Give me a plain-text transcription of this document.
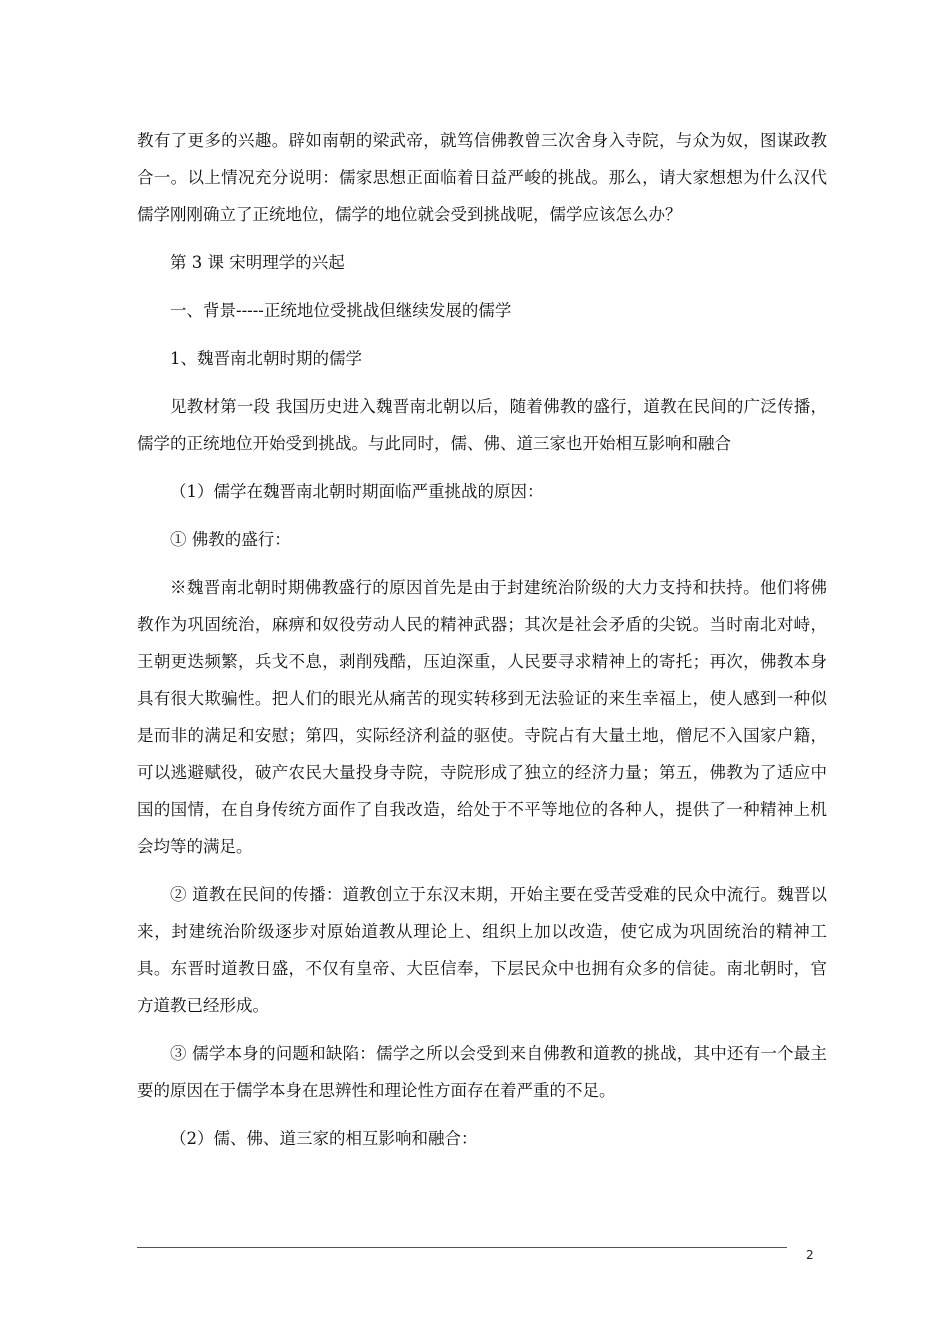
教有了更多的兴趣。辟如南朝的梁武帝，就笃信佛教曾三次舍身入寺院，与众为奴，图谋政教合一。以上情况充分说明：儒家思想正面临着日益严峻的挑战。那么，请大家想想为什么汉代儒学刚刚确立了正统地位，儒学的地位就会受到挑战呢，儒学应该怎么办？

第 3 课 宋明理学的兴起

一、背景-----正统地位受挑战但继续发展的儒学

1、魏晋南北朝时期的儒学

见教材第一段 我国历史进入魏晋南北朝以后，随着佛教的盛行，道教在民间的广泛传播，儒学的正统地位开始受到挑战。与此同时，儒、佛、道三家也开始相互影响和融合

（1）儒学在魏晋南北朝时期面临严重挑战的原因：

① 佛教的盛行：

※魏晋南北朝时期佛教盛行的原因首先是由于封建统治阶级的大力支持和扶持。他们将佛教作为巩固统治，麻痹和奴役劳动人民的精神武器；其次是社会矛盾的尖锐。当时南北对峙，王朝更迭频繁，兵戈不息，剥削残酷，压迫深重，人民要寻求精神上的寄托；再次，佛教本身具有很大欺骗性。把人们的眼光从痛苦的现实转移到无法验证的来生幸福上，使人感到一种似是而非的满足和安慰；第四，实际经济利益的驱使。寺院占有大量土地，僧尼不入国家户籍，可以逃避赋役，破产农民大量投身寺院，寺院形成了独立的经济力量；第五，佛教为了适应中国的国情，在自身传统方面作了自我改造，给处于不平等地位的各种人，提供了一种精神上机会均等的满足。

② 道教在民间的传播：道教创立于东汉末期，开始主要在受苦受难的民众中流行。魏晋以来，封建统治阶级逐步对原始道教从理论上、组织上加以改造，使它成为巩固统治的精神工具。东晋时道教日盛，不仅有皇帝、大臣信奉，下层民众中也拥有众多的信徒。南北朝时，官方道教已经形成。

③ 儒学本身的问题和缺陷：儒学之所以会受到来自佛教和道教的挑战，其中还有一个最主要的原因在于儒学本身在思辨性和理论性方面存在着严重的不足。

（2）儒、佛、道三家的相互影响和融合：

2
